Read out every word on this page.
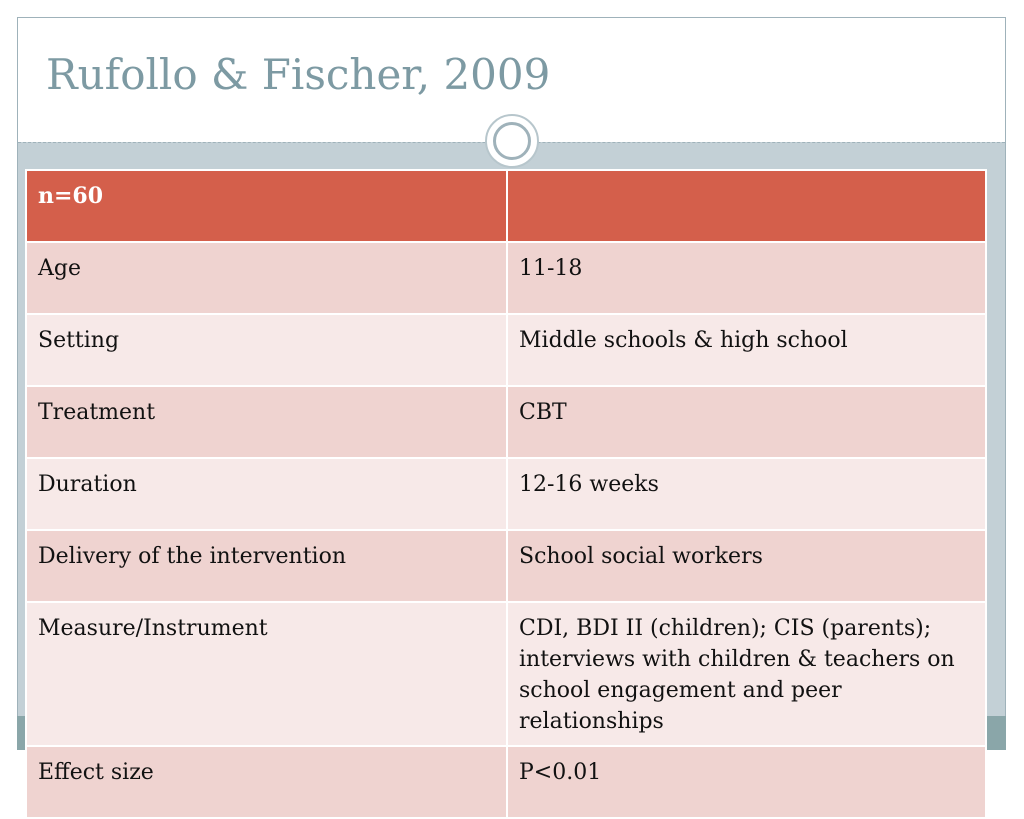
Rufollo & Fischer, 2009
n=60	
Age	11-18
Setting	Middle schools & high school
Treatment	CBT
Duration	12-16 weeks
Delivery of the intervention	School social workers
Measure/Instrument	CDI, BDI II (children); CIS (parents); interviews with children & teachers on school engagement and peer relationships
Effect size	P<0.01
